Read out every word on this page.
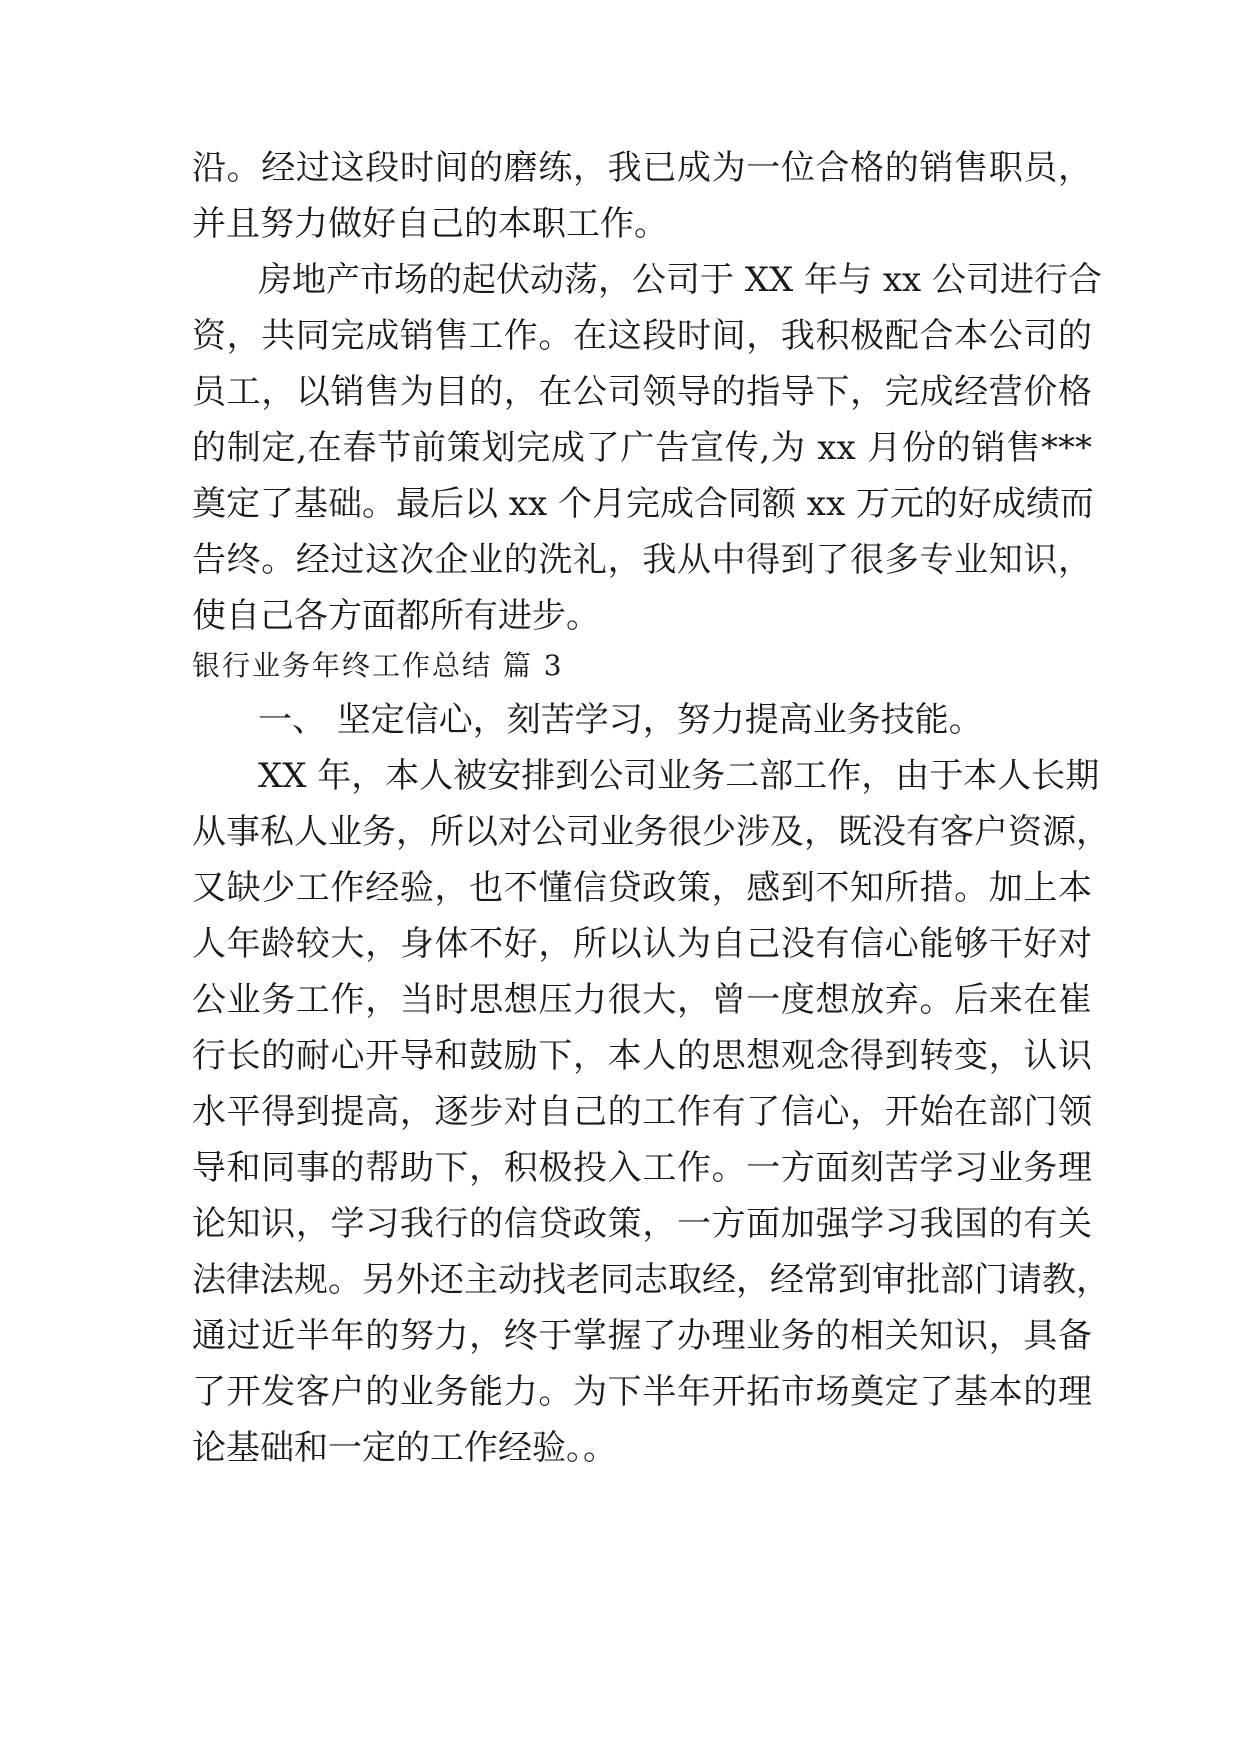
沿。经过这段时间的磨练，我已成为一位合格的销售职员，
并且努力做好自己的本职工作。
房地产市场的起伏动荡，公司于 XX 年与 xx 公司进行合
资，共同完成销售工作。在这段时间，我积极配合本公司的
员工，以销售为目的，在公司领导的指导下，完成经营价格
的制定,在春节前策划完成了广告宣传,为 xx 月份的销售***
奠定了基础。最后以 xx 个月完成合同额 xx 万元的好成绩而
告终。经过这次企业的洗礼，我从中得到了很多专业知识，
使自己各方面都所有进步。
银行业务年终工作总结 篇 3
一、 坚定信心，刻苦学习，努力提高业务技能。
XX 年，本人被安排到公司业务二部工作，由于本人长期
从事私人业务，所以对公司业务很少涉及，既没有客户资源，
又缺少工作经验，也不懂信贷政策，感到不知所措。加上本
人年龄较大，身体不好，所以认为自己没有信心能够干好对
公业务工作，当时思想压力很大，曾一度想放弃。后来在崔
行长的耐心开导和鼓励下，本人的思想观念得到转变，认识
水平得到提高，逐步对自己的工作有了信心，开始在部门领
导和同事的帮助下，积极投入工作。一方面刻苦学习业务理
论知识，学习我行的信贷政策，一方面加强学习我国的有关
法律法规。另外还主动找老同志取经，经常到审批部门请教，
通过近半年的努力，终于掌握了办理业务的相关知识，具备
了开发客户的业务能力。为下半年开拓市场奠定了基本的理
论基础和一定的工作经验。。
